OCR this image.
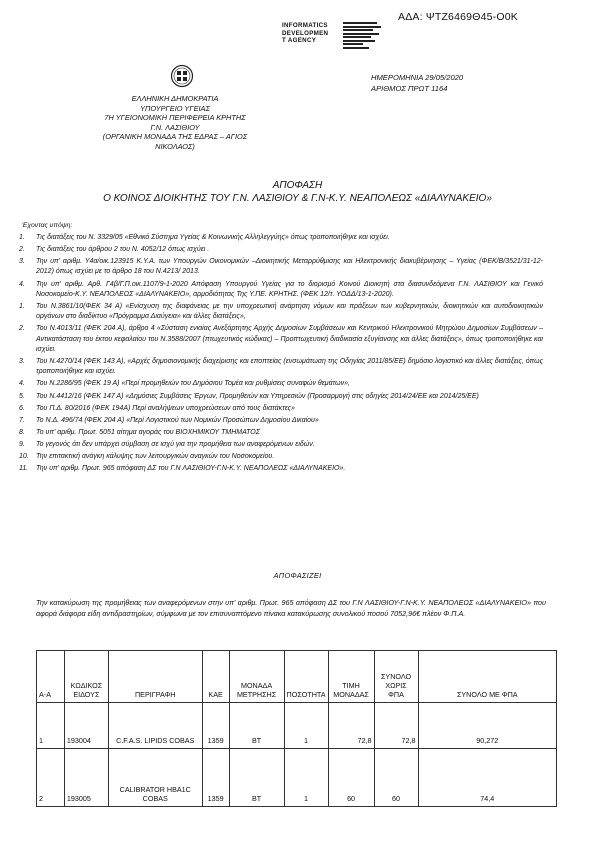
ΑΔΑ: ΨΤΖ6469Θ45-Ο0Κ
INFORMATICS
DEVELOPMEN
T AGENCY
ΕΛΛΗΝΙΚΗ ΔΗΜΟΚΡΑΤΙΑ
ΥΠΟΥΡΓΕΙΟ ΥΓΕΙΑΣ
7Η ΥΓΕΙΟΝΟΜΙΚΗ ΠΕΡΙΦΕΡΕΙΑ ΚΡΗΤΗΣ
Γ.Ν. ΛΑΣΙΘΙΟΥ
(ΟΡΓΑΝΙΚΗ ΜΟΝΑΔΑ ΤΗΣ ΕΔΡΑΣ – ΑΓΙΟΣ
ΝΙΚΟΛΑΟΣ)
ΗΜΕΡΟΜΗΝΙΑ 29/05/2020
ΑΡΙΘΜΟΣ ΠΡΩΤ 1164
ΑΠΟΦΑΣΗ
Ο ΚΟΙΝΟΣ ΔΙΟΙΚΗΤΗΣ ΤΟΥ Γ.Ν. ΛΑΣΙΘΙΟΥ & Γ.Ν-Κ.Υ. ΝΕΑΠΟΛΕΩΣ «ΔΙΑΛΥΝΑΚΕΙΟ»
Έχοντας υπόψη:
1. Τις διατάξεις του Ν. 3329/05 «Εθνικό Σύστημα Υγείας & Κοινωνικής Αλληλεγγύης» όπως τροποποιήθηκε και ισχύει.
2. Τις διατάξεις του άρθρου 2 του Ν. 4052/12 όπως ισχύει .
3. Την υπ' αριθμ. Υ4α/οικ.123915 Κ.Υ.Α. των Υπουργών Οικονομικών –Διοικητικής Μεταρρύθμισης και Ηλεκτρονικής διακυβέρνησης – Υγείας (ΦΕΚ/Β/3521/31-12-2012) όπως ισχύει με το άρθρο 18 του Ν.4213/ 2013.
4. Την υπ' αριθμ. Αρθ. Γ4β/Γ.Π.οικ.1107/9-1-2020 Απόφαση Υπουργού Υγείας για το διορισμό Κοινού Διοικητή στα διασυνδεόμενα Γ.Ν. ΛΑΣΙΘΙΟΥ και Γενικό Νοσοκομείο-Κ.Υ. ΝΕΑΠΟΛΕΩΣ «ΔΙΑΛΥΝΑΚΕΙΟ», αρμοδιότητας Της Υ.ΠΕ. ΚΡΗΤΗΣ. (ΦΕΚ 12/τ. ΥΟΔΔ/13-1-2020).
1. Του Ν.3861/10(ΦΕΚ 34 Α) «Ενίσχυση της διαφάνειας με την υποχρεωτική ανάρτηση νόμων και πράξεων των κυβερνητικών, διοικητικών και αυτοδιοικητικών οργάνων στο διαδίκτυο «Πρόγραμμα Διαύγεια» και άλλες διατάξεις»,
2. Του Ν.4013/11 (ΦΕΚ 204 Α), άρθρο 4 «Σύσταση ενιαίας Ανεξάρτητης Αρχής Δημοσίων Συμβάσεων και Κεντρικού Ηλεκτρονικού Μητρώου Δημοσίων Συμβάσεων – Αντικατάσταση του έκτου κεφαλαίου του Ν.3588/2007 (πτωχευτικός κώδικας) – Προπτωχευτική διαδικασία εξυγίανσης και άλλες διατάξεις», όπως τροποποιήθηκε και ισχύει.
3. Του Ν.4270/14 (ΦΕΚ 143 Α), «Αρχές δημοσιονομικής διαχείρισης και εποπτείας (ενσωμάτωση της Οδηγίας 2011/85/ΕΕ) δημόσιο λογιστικό και άλλες διατάξεις, όπως τροποποιήθηκε και ισχύει.
4. Του Ν.2286/95 (ΦΕΚ 19 Α) «Περί προμηθειών του Δημόσιου Τομέα και ρυθμίσεις συναφών θεμάτων»,
5. Του Ν.4412/16 (ΦΕΚ 147 Α) «Δημόσιες Συμβάσεις Έργων, Προμηθειών και Υπηρεσιών (Προσαρμογή στις οδηγίες 2014/24/ΕΕ και 2014/25/ΕΕ)
6. Του Π.Δ. 80/2016 (ΦΕΚ 194Α) Περί αναλήψεων υποχρεώσεων από τους διατάκτες»
7. Το Ν.Δ. 496/74 (ΦΕΚ 204 Α) «Περί Λογιστικού των Νομικών Προσώπων Δημοσίου Δικαίου»
8. Το υπ' αριθμ. Πρωτ. 5051 αίτημα αγοράς του ΒΙΟΧΗΜΙΚΟΥ ΤΜΗΜΑΤΟΣ
9. Το γεγονός ότι δεν υπάρχει σύμβαση σε ισχύ για την προμήθεια των αναφερόμενων ειδών.
10. Την επιτακτική ανάγκη κάλυψης των λειτουργικών αναγκών του Νοσοκομείου.
11. Την υπ' αριθμ. Πρωτ. 965 απόφαση ΔΣ του Γ.Ν ΛΑΣΙΘΙΟΥ-Γ.Ν-Κ.Υ. ΝΕΑΠΟΛΕΩΣ «ΔΙΑΛΥΝΑΚΕΙΟ».
ΑΠΟΦΑΣΙΖΕΙ
Την κατακύρωση της προμήθειας των αναφερόμενων στην υπ' αριθμ. Πρωτ. 965 απόφαση ΔΣ του Γ.Ν ΛΑΣΙΘΙΟΥ-Γ.Ν-Κ.Υ. ΝΕΑΠΟΛΕΩΣ «ΔΙΑΛΥΝΑΚΕΙΟ» που αφορά διάφορα είδη αντιδραστηρίων, σύμφωνα με τον επισυναπτόμενο πίνακα κατακύρωσης συνολικού ποσού 7052,96€ πλέον Φ.Π.Α.
Α-Α	ΚΩΔΙΚΟΣ ΕΙΔΟΥΣ	ΠΕΡΙΓΡΑΦΗ	ΚΑΕ	ΜΟΝΑΔΑ ΜΕΤΡΗΣΗΣ	ΠΟΣΟΤΗΤΑ	ΤΙΜΗ ΜΟΝΑΔΑΣ	ΣΥΝΟΛΟ ΧΩΡΙΣ ΦΠΑ	ΣΥΝΟΛΟ ΜΕ ΦΠΑ
1	193004	C.F.A.S. LIPIDS COBAS	1359	ΒΤ	1	72,8	72,8	90,272
2	193005	CALIBRATOR HBA1C COBAS	1359	ΒΤ	1	60	60	74,4
